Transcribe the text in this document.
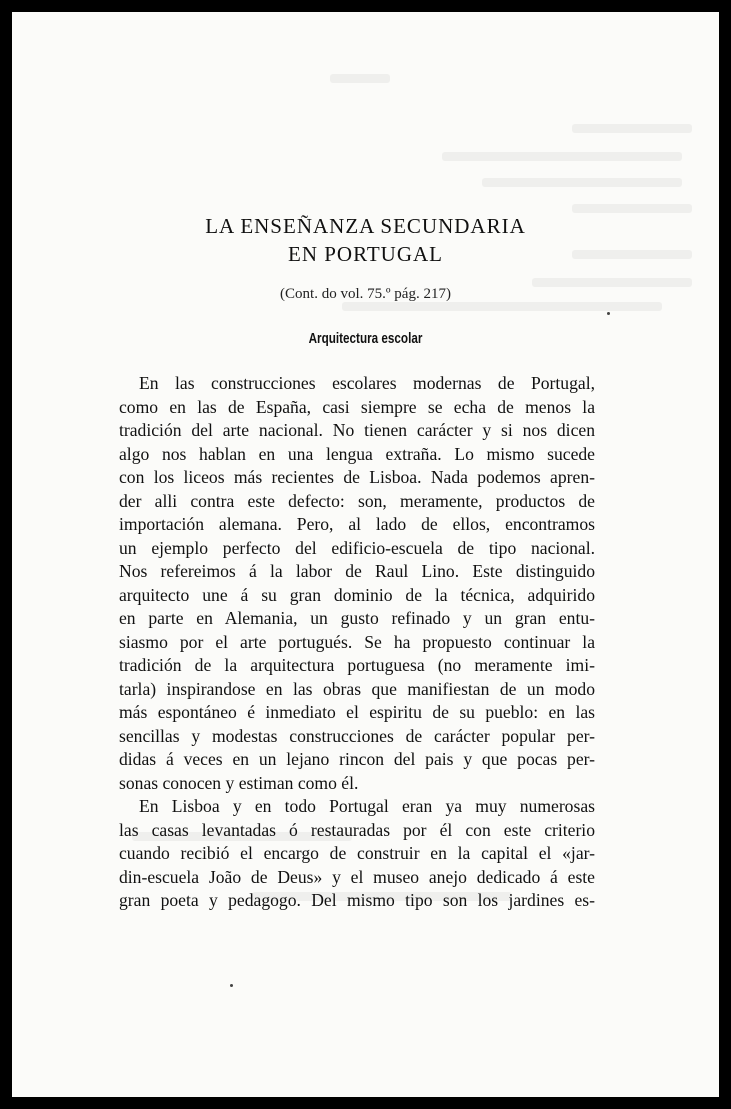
LA ENSEÑANZA SECUNDARIA
EN PORTUGAL
(Cont. do vol. 75.º pág. 217)
Arquitectura escolar
En las construcciones escolares modernas de Portugal,
como en las de España, casi siempre se echa de menos la
tradición del arte nacional. No tienen carácter y si nos dicen
algo nos hablan en una lengua extraña. Lo mismo sucede
con los liceos más recientes de Lisboa. Nada podemos apren-
der alli contra este defecto: son, meramente, productos de
importación alemana. Pero, al lado de ellos, encontramos
un ejemplo perfecto del edificio-escuela de tipo nacional.
Nos refereimos á la labor de Raul Lino. Este distinguido
arquitecto une á su gran dominio de la técnica, adquirido
en parte en Alemania, un gusto refinado y un gran entu-
siasmo por el arte portugués. Se ha propuesto continuar la
tradición de la arquitectura portuguesa (no meramente imi-
tarla) inspirandose en las obras que manifiestan de un modo
más espontáneo é inmediato el espiritu de su pueblo: en las
sencillas y modestas construcciones de carácter popular per-
didas á veces en un lejano rincon del pais y que pocas per-
sonas conocen y estiman como él.
En Lisboa y en todo Portugal eran ya muy numerosas
las casas levantadas ó restauradas por él con este criterio
cuando recibió el encargo de construir en la capital el «jar-
din-escuela João de Deus» y el museo anejo dedicado á este
gran poeta y pedagogo. Del mismo tipo son los jardines es-
